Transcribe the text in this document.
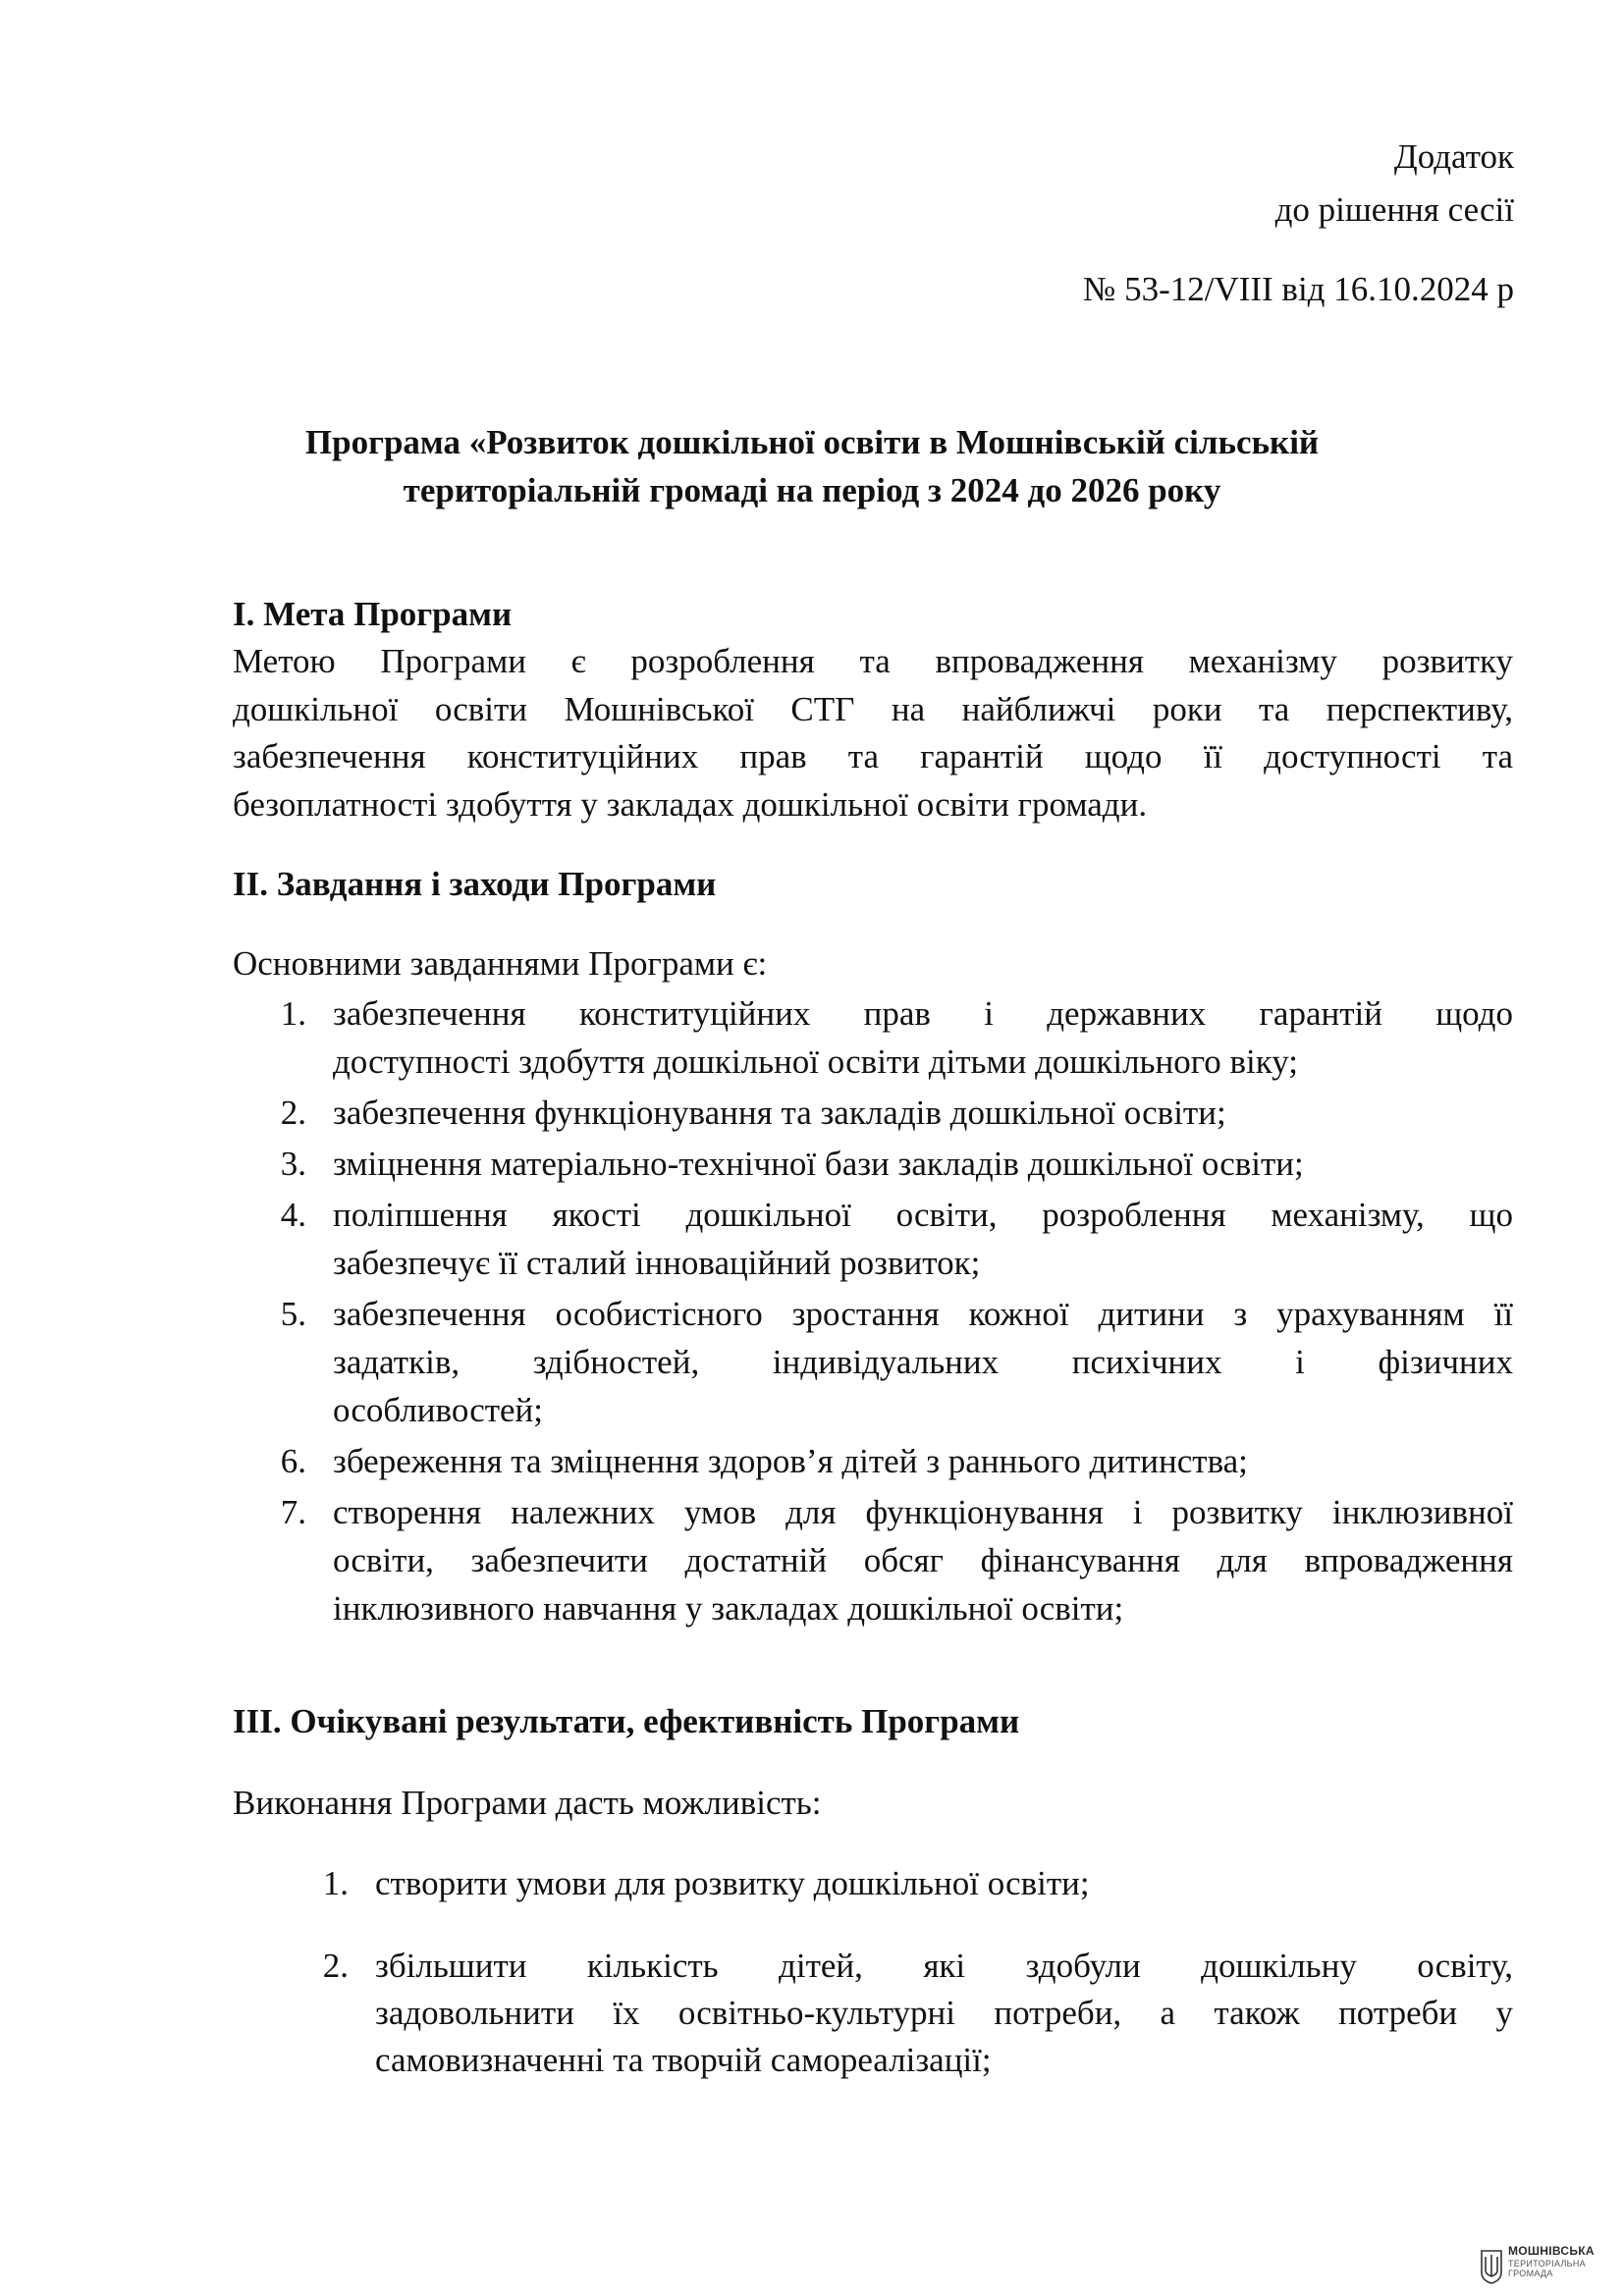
Додаток
до рішення сесії
№ 53-12/VIII від 16.10.2024 р
Програма «Розвиток дошкільної освіти в Мошнівській сільській
територіальній громаді на період з 2024 до 2026 року
І. Мета Програми
Метою Програми є розроблення та впровадження механізму розвитку
дошкільної освіти Мошнівської СТГ на найближчі роки та перспективу,
забезпечення конституційних прав та гарантій щодо її доступності та
безоплатності здобуття у закладах дошкільної освіти громади.
ІІ. Завдання і заходи Програми
Основними завданнями Програми є:
1. забезпечення конституційних прав і державних гарантій щодо
доступності здобуття дошкільної освіти дітьми дошкільного віку;
2. забезпечення функціонування та закладів дошкільної освіти;
3. зміцнення матеріально-технічної бази закладів дошкільної освіти;
4. поліпшення якості дошкільної освіти, розроблення механізму, що
забезпечує її сталий інноваційний розвиток;
5. забезпечення особистісного зростання кожної дитини з урахуванням її
задатків, здібностей, індивідуальних психічних і фізичних
особливостей;
6. збереження та зміцнення здоров’я дітей з раннього дитинства;
7. створення належних умов для функціонування і розвитку інклюзивної
освіти, забезпечити достатній обсяг фінансування для впровадження
інклюзивного навчання у закладах дошкільної освіти;
ІІІ. Очікувані результати, ефективність Програми
Виконання Програми дасть можливість:
1. створити умови для розвитку дошкільної освіти;
2. збільшити кількість дітей, які здобули дошкільну освіту,
задовольнити їх освітньо-культурні потреби, а також потреби у
самовизначенні та творчій самореалізації;
МОШНІВСЬКА
ТЕРИТОРІАЛЬНА
ГРОМАДА
